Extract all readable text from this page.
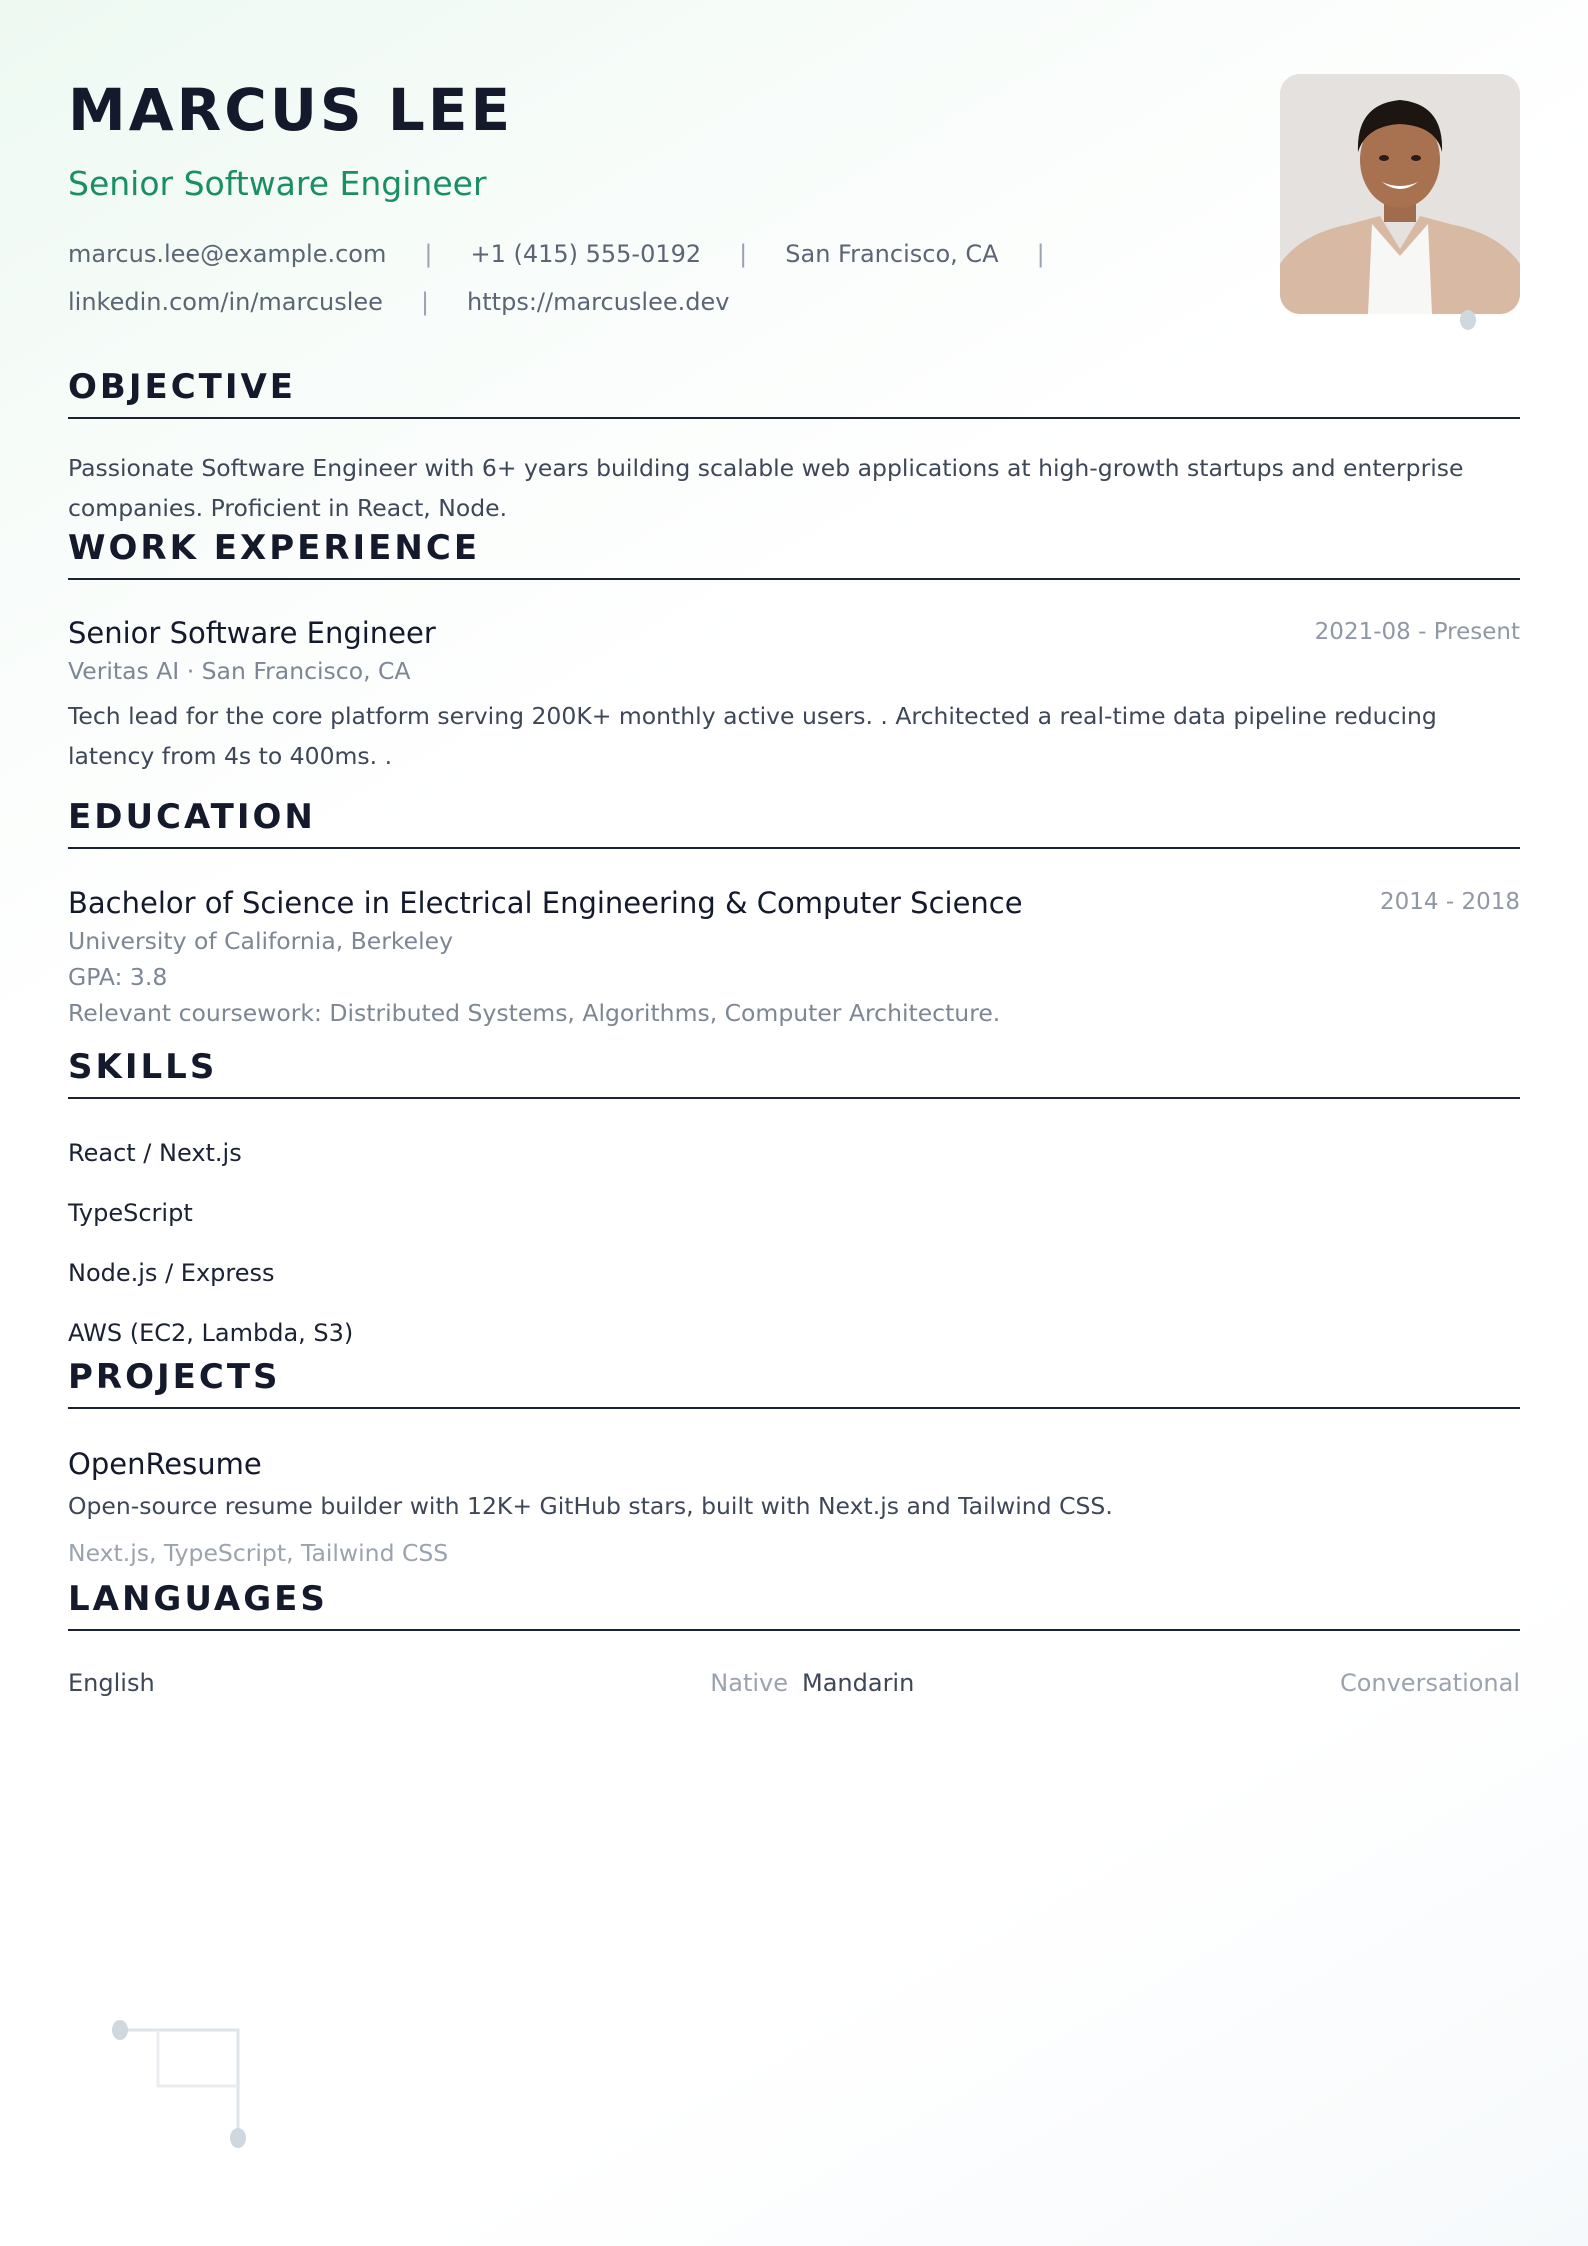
MARCUS LEE
Senior Software Engineer
marcus.lee@example.com | +1 (415) 555-0192 | San Francisco, CA |
linkedin.com/in/marcuslee | https://marcuslee.dev
OBJECTIVE

Passionate Software Engineer with 6+ years building scalable web applications at high-growth startups and enterprise companies. Proficient in React, Node.

WORK EXPERIENCE
Senior Software Engineer	2021-08 - Present
Veritas AI · San Francisco, CA

Tech lead for the core platform serving 200K+ monthly active users. . Architected a real-time data pipeline reducing latency from 4s to 400ms. .

EDUCATION
Bachelor of Science in Electrical Engineering & Computer Science	2014 - 2018
University of California, Berkeley
GPA: 3.8
Relevant coursework: Distributed Systems, Algorithms, Computer Architecture.
SKILLS
React / Next.js
TypeScript
Node.js / Express
AWS (EC2, Lambda, S3)
PROJECTS
OpenResume
Open-source resume builder with 12K+ GitHub stars, built with Next.js and Tailwind CSS.
Next.js, TypeScript, Tailwind CSS
LANGUAGES
English	Native Mandarin	Conversational
